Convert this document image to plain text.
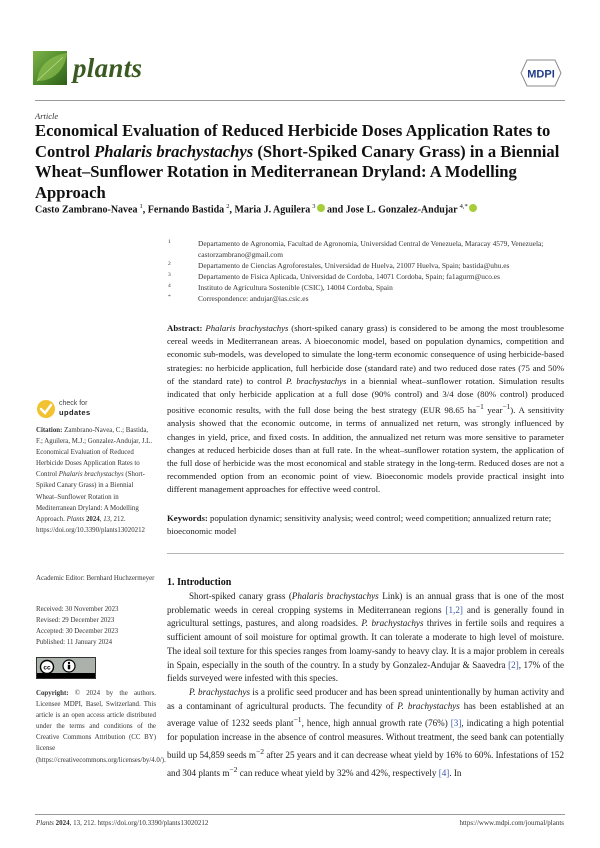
plants	MDPI
Article
Economical Evaluation of Reduced Herbicide Doses Application Rates to Control Phalaris brachystachys (Short-Spiked Canary Grass) in a Biennial Wheat–Sunflower Rotation in Mediterranean Dryland: A Modelling Approach
Casto Zambrano-Navea  $^1$, Fernando Bastida  $^2$, Maria J. Aguilera  $^3$ and Jose L. Gonzalez-Andujar  $^{4,*}$
1	Departamento de Agronomia, Facultad de Agronomia, Universidad Central de Venezuela, Maracay 4579, Venezuela; castorzambrano@gmail.com
2	Departamento de Ciencias Agroforestales, Universidad de Huelva, 21007 Huelva, Spain; bastida@uhu.es
3	Departamento de Fisica Aplicada, Universidad de Cordoba, 14071 Cordoba, Spain; fa1agurm@uco.es
4	Instituto de Agricultura Sostenible (CSIC), 14004 Cordoba, Spain
*	Correspondence: andujar@ias.csic.es
Abstract: Phalaris brachystachys (short-spiked canary grass) is considered to be among the most troublesome cereal weeds in Mediterranean areas. A bioeconomic model, based on population dynamics, competition and economic sub-models, was developed to simulate the long-term economic consequence of using herbicide-based strategies: no herbicide application, full herbicide dose (standard rate) and two reduced dose rates (75 and 50% of the standard rate) to control P. brachystachys in a biennial wheat–sunflower rotation. Simulation results indicated that only herbicide application at a full dose (90% control) and 3/4 dose (80% control) produced positive economic results, with the full dose being the best strategy (EUR 98.65 $ha^{-1}$ year$^{-1}$). A sensitivity analysis showed that the economic outcome, in terms of annualized net return, was strongly influenced by changes in yield, price, and fixed costs. In addition, the annualized net return was more sensitive to parameter changes at reduced herbicide doses than at full rate. In the wheat–sunflower rotation system, the application of the full dose of herbicide was the most economical and stable strategy in the long-term. Reduced doses are not a recommended option from an economic point of view. Bioeconomic models provide practical insight into different management approaches for effective weed control.
Keywords: population dynamic; sensitivity analysis; weed control; weed competition; annualized return rate; bioeconomic model
check for
updates
Citation: Zambrano-Navea, C.; Bastida, F.; Aguilera, M.J.; Gonzalez-Andujar, J.L. Economical Evaluation of Reduced Herbicide Doses Application Rates to Control Phalaris brachystachys (Short-Spiked Canary Grass) in a Biennial Wheat–Sunflower Rotation in Mediterranean Dryland: A Modelling Approach. Plants 2024, 13, 212. https://doi.org/10.3390/plants13020212
Academic Editor: Bernhard Huchzermeyer
Received: 30 November 2023
Revised: 29 December 2023
Accepted: 30 December 2023
Published: 11 January 2024
cc
Copyright: © 2024 by the authors. Licensee MDPI, Basel, Switzerland. This article is an open access article distributed under the terms and conditions of the Creative Commons Attribution (CC BY) license (https://creativecommons.org/licenses/by/4.0/).
1. Introduction

Short-spiked canary grass (Phalaris brachystachys Link) is an annual grass that is one of the most problematic weeds in cereal cropping systems in Mediterranean regions [1,2] and is generally found in agricultural settings, pastures, and along roadsides. P. brachystachys thrives in fertile soils and requires a sufficient amount of soil moisture for optimal growth. It can tolerate a moderate to high level of moisture. The ideal soil texture for this species ranges from loamy-sandy to heavy clay. It is a major problem in cereals in Spain, especially in the south of the country. In a study by Gonzalez-Andujar & Saavedra [2], 17% of the fields surveyed were infested with this species.

P. brachystachys is a prolific seed producer and has been spread unintentionally by human activity and as a contaminant of agricultural products. The fecundity of P. brachystachys has been established at an average value of 1232 seeds plant$^{-1}$, hence, high annual growth rate (76%) [3], indicating a high potential for population increase in the absence of control measures. Without treatment, the seed bank can potentially build up 54,859 seeds $m^{-2}$ after 25 years and it can decrease wheat yield by 16% to 60%. Infestations of 152 and 304 plants $m^{-2}$ can reduce wheat yield by 32% and 42%, respectively [4]. In

Plants 2024, 13, 212. https://doi.org/10.3390/plants13020212	https://www.mdpi.com/journal/plants
